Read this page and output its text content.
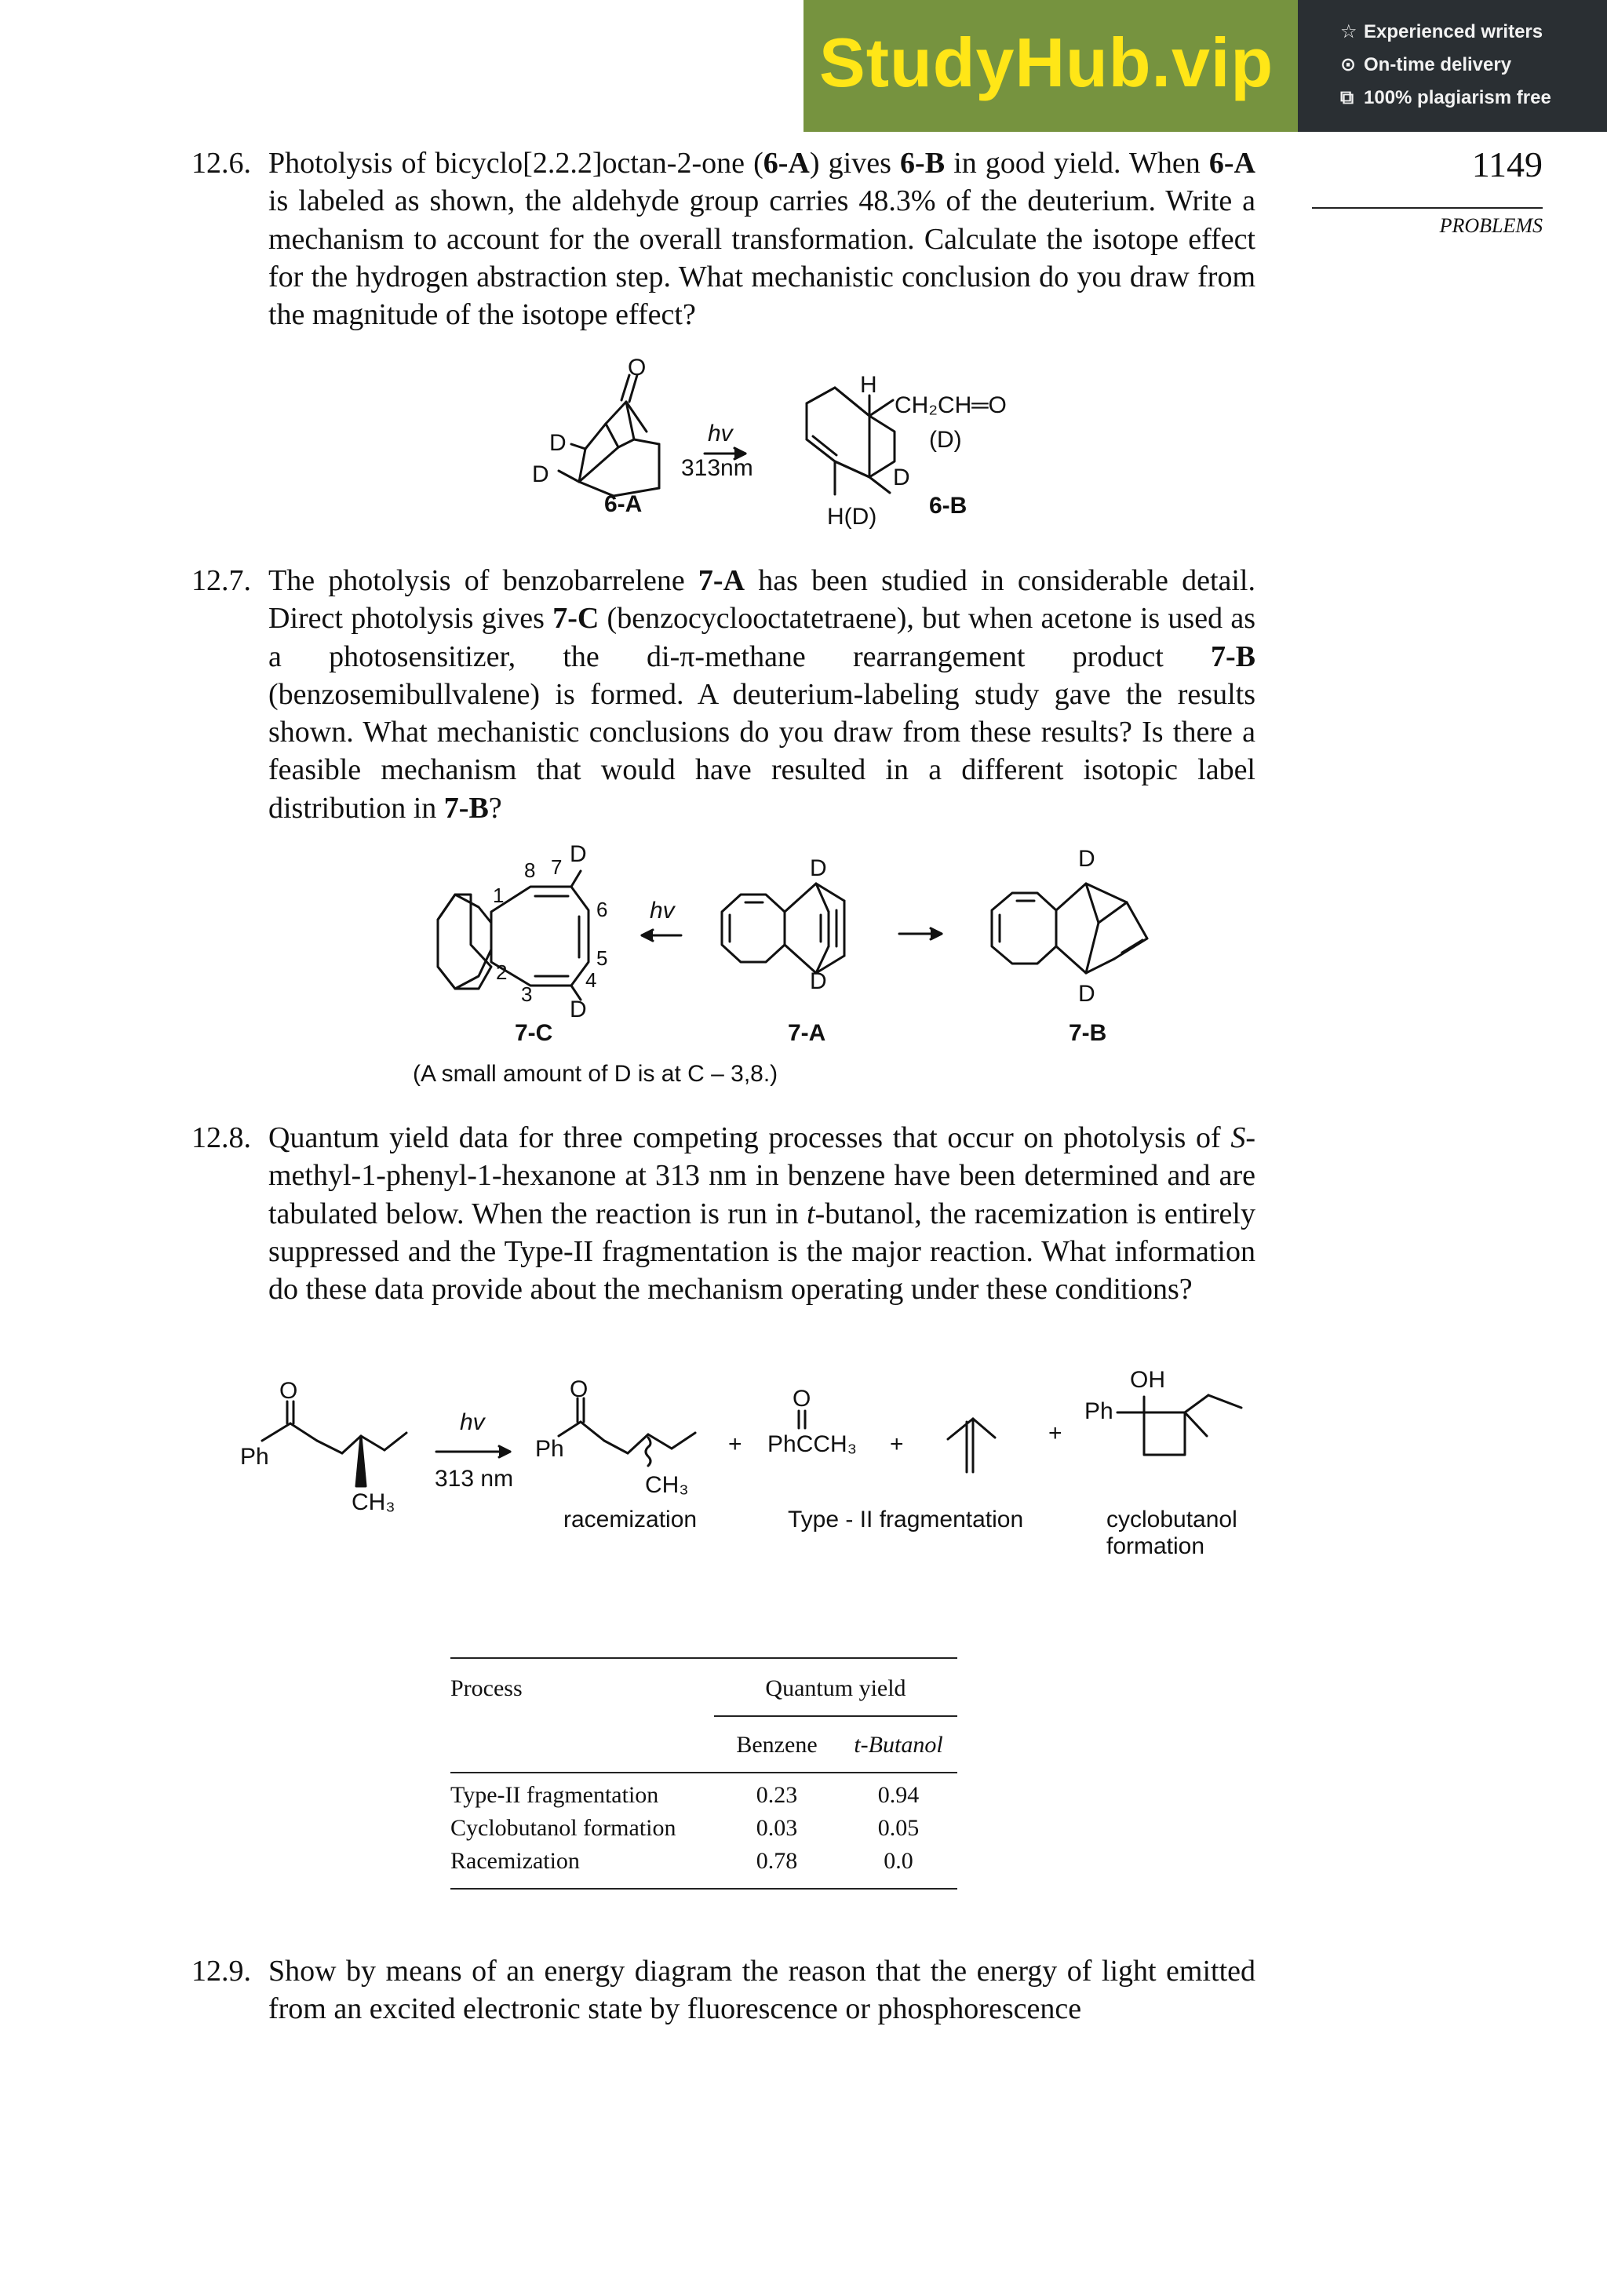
StudyHub.vip	☆ Experienced writers
⊙ On-time delivery
⧉ 100% plagiarism free
1149
PROBLEMS
12.6. Photolysis of bicyclo[2.2.2]octan-2-one (6-A) gives 6-B in good yield. When 6-A is labeled as shown, the aldehyde group carries 48.3% of the deuterium. Write a mechanism to account for the overall transformation. Calculate the isotope effect for the hydrogen abstraction step. What mechanistic conclusion do you draw from the magnitude of the isotope effect?
O
D
D
hv
313nm
6-A
H
CH₂CH═O
(D)
D
H(D) 6-B
12.7. The photolysis of benzobarrelene 7-A has been studied in considerable detail. Direct photolysis gives 7-C (benzocyclooctatetraene), but when acetone is used as a photosensitizer, the di-π-methane rearrangement product 7-B (benzosemibullvalene) is formed. A deuterium-labeling study gave the results shown. What mechanistic conclusions do you draw from these results? Is there a feasible mechanism that would have resulted in a different isotopic label distribution in 7-B?
D
8 7
1
6
5
4
2
3
D
hv
D
D
D
D
7-C	7-A	7-B
(A small amount of D is at C – 3,8.)
12.8. Quantum yield data for three competing processes that occur on photolysis of S-methyl-1-phenyl-1-hexanone at 313 nm in benzene have been determined and are tabulated below. When the reaction is run in t-butanol, the racemization is entirely suppressed and the Type-II fragmentation is the major reaction. What information do these data provide about the mechanism operating under these conditions?
O
Ph
CH₃
hv
313 nm
O
Ph
CH₃
racemization
+
O
PhCCH₃ +
Type - II fragmentation
+
OH
Ph
cyclobutanol
formation
Process	Quantum yield
Benzene	t-Butanol
Type-II fragmentation	0.23	0.94
Cyclobutanol formation	0.03	0.05
Racemization	0.78	0.0
12.9. Show by means of an energy diagram the reason that the energy of light emitted from an excited electronic state by fluorescence or phosphorescence
